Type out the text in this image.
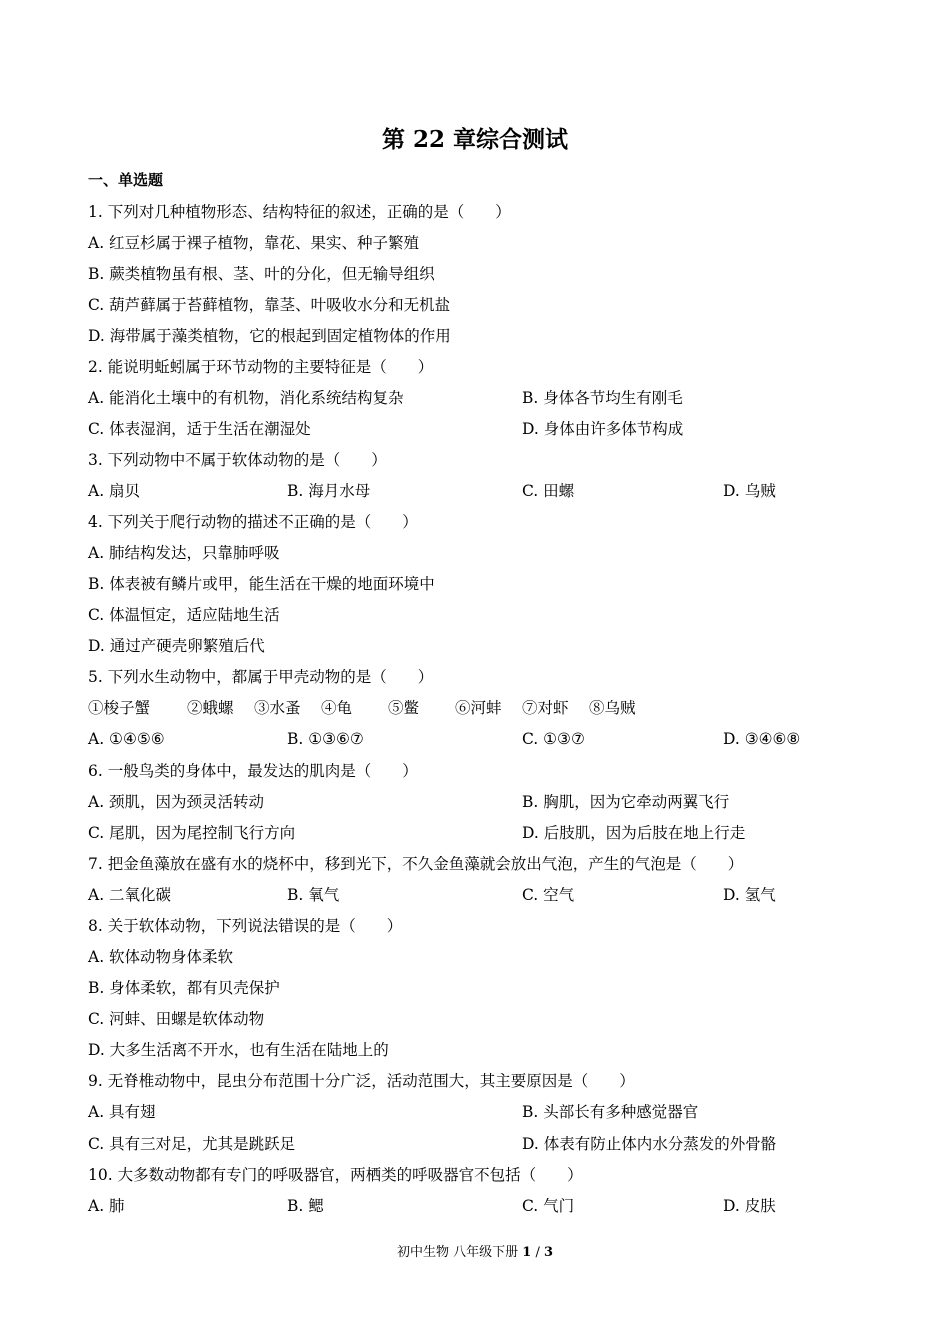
第 22 章综合测试
一、单选题
1. 下列对几种植物形态、结构特征的叙述，正确的是（　　）
A. 红豆杉属于裸子植物，靠花、果实、种子繁殖
B. 蕨类植物虽有根、茎、叶的分化，但无输导组织
C. 葫芦藓属于苔藓植物，靠茎、叶吸收水分和无机盐
D. 海带属于藻类植物，它的根起到固定植物体的作用
2. 能说明蚯蚓属于环节动物的主要特征是（　　）
A. 能消化土壤中的有机物，消化系统结构复杂	B. 身体各节均生有刚毛
C. 体表湿润，适于生活在潮湿处	D. 身体由许多体节构成
3. 下列动物中不属于软体动物的是（　　）
A. 扇贝	B. 海月水母	C. 田螺	D. 乌贼
4. 下列关于爬行动物的描述不正确的是（　　）
A. 肺结构发达，只靠肺呼吸
B. 体表被有鳞片或甲，能生活在干燥的地面环境中
C. 体温恒定，适应陆地生活
D. 通过产硬壳卵繁殖后代
5. 下列水生动物中，都属于甲壳动物的是（　　）
①梭子蟹 ②蛾螺 ③水蚤 ④龟 ⑤鳖 ⑥河蚌 ⑦对虾 ⑧乌贼
A. ①④⑤⑥	B. ①③⑥⑦	C. ①③⑦	D. ③④⑥⑧
6. 一般鸟类的身体中，最发达的肌肉是（　　）
A. 颈肌，因为颈灵活转动	B. 胸肌，因为它牵动两翼飞行
C. 尾肌，因为尾控制飞行方向	D. 后肢肌，因为后肢在地上行走
7. 把金鱼藻放在盛有水的烧杯中，移到光下，不久金鱼藻就会放出气泡，产生的气泡是（　　）
A. 二氧化碳	B. 氧气	C. 空气	D. 氢气
8. 关于软体动物，下列说法错误的是（　　）
A. 软体动物身体柔软
B. 身体柔软，都有贝壳保护
C. 河蚌、田螺是软体动物
D. 大多生活离不开水，也有生活在陆地上的
9. 无脊椎动物中，昆虫分布范围十分广泛，活动范围大，其主要原因是（　　）
A. 具有翅	B. 头部长有多种感觉器官
C. 具有三对足，尤其是跳跃足	D. 体表有防止体内水分蒸发的外骨骼
10. 大多数动物都有专门的呼吸器官，两栖类的呼吸器官不包括（　　）
A. 肺	B. 鳃	C. 气门	D. 皮肤
初中生物 八年级下册 1 / 3
